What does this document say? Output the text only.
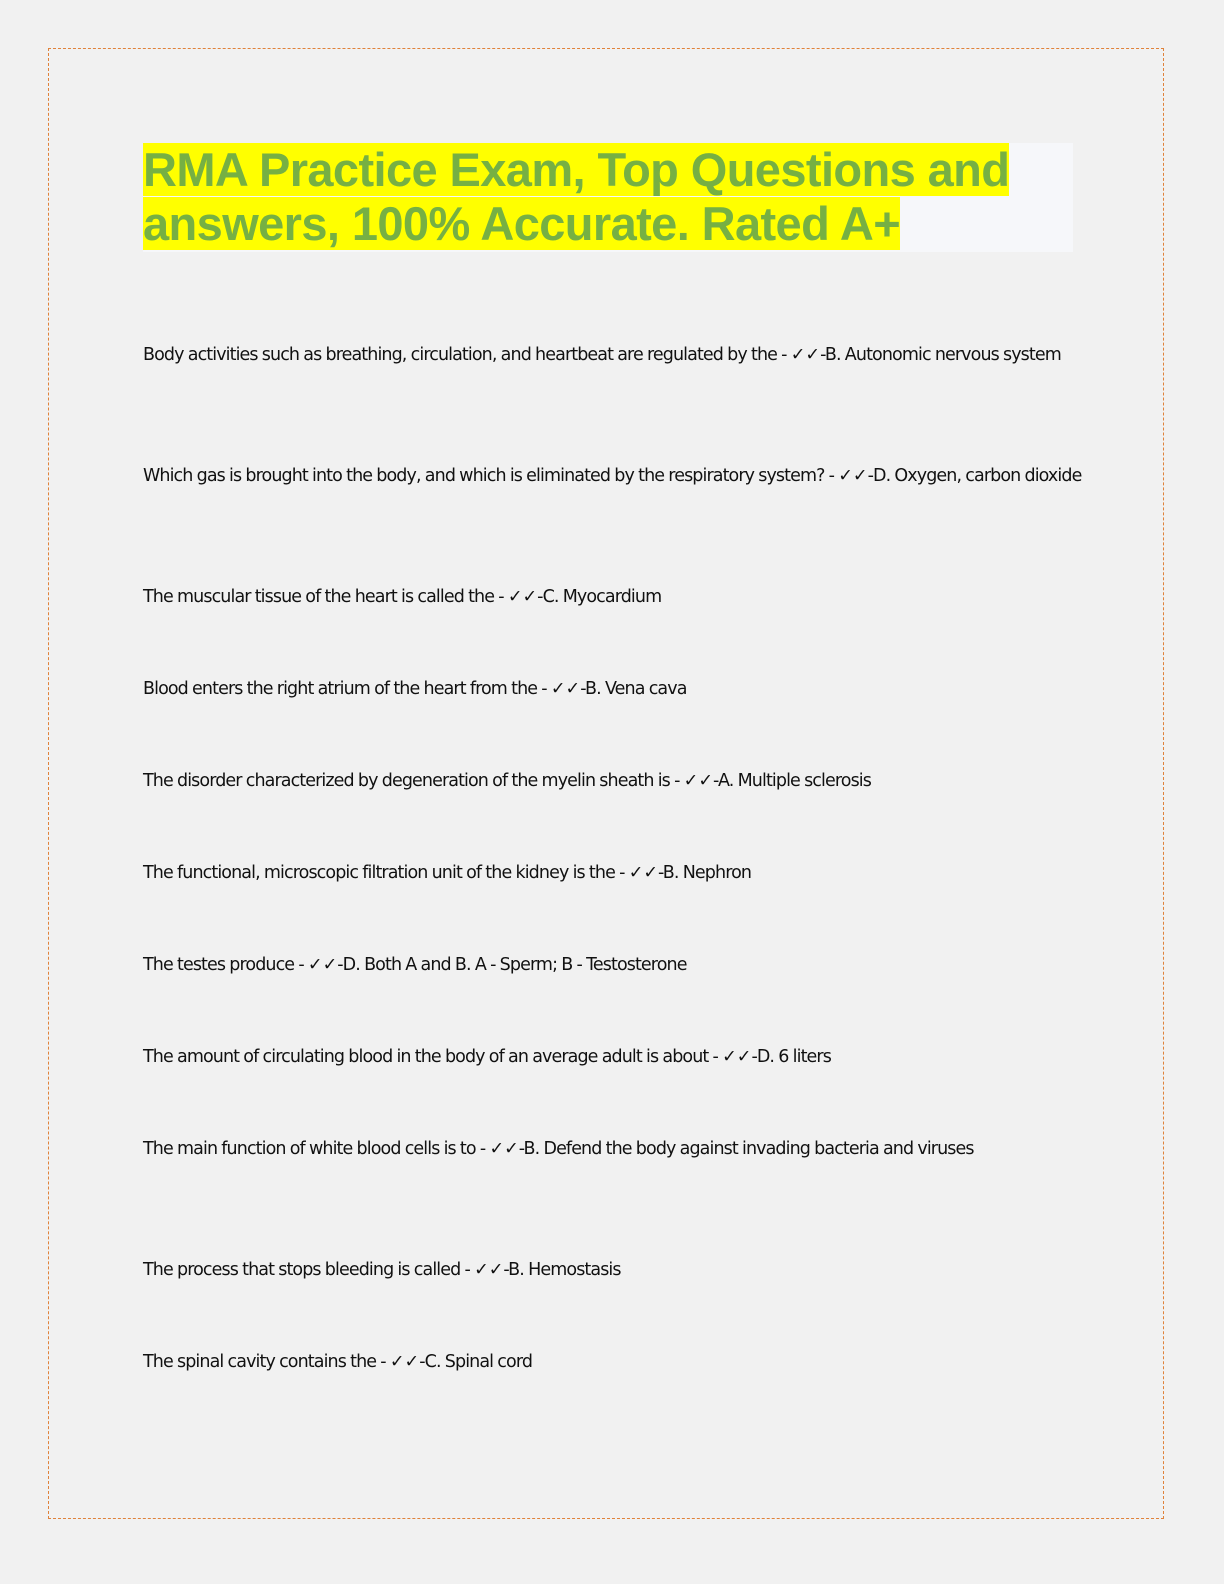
RMA Practice Exam, Top Questions and answers, 100% Accurate. Rated A+

Body activities such as breathing, circulation, and heartbeat are regulated by the - ✓✓-B. Autonomic nervous system

Which gas is brought into the body, and which is eliminated by the respiratory system? - ✓✓-D. Oxygen, carbon dioxide

The muscular tissue of the heart is called the - ✓✓-C. Myocardium

Blood enters the right atrium of the heart from the - ✓✓-B. Vena cava

The disorder characterized by degeneration of the myelin sheath is - ✓✓-A. Multiple sclerosis

The functional, microscopic filtration unit of the kidney is the - ✓✓-B. Nephron

The testes produce - ✓✓-D. Both A and B. A - Sperm; B - Testosterone

The amount of circulating blood in the body of an average adult is about - ✓✓-D. 6 liters

The main function of white blood cells is to - ✓✓-B. Defend the body against invading bacteria and viruses

The process that stops bleeding is called - ✓✓-B. Hemostasis

The spinal cavity contains the - ✓✓-C. Spinal cord
